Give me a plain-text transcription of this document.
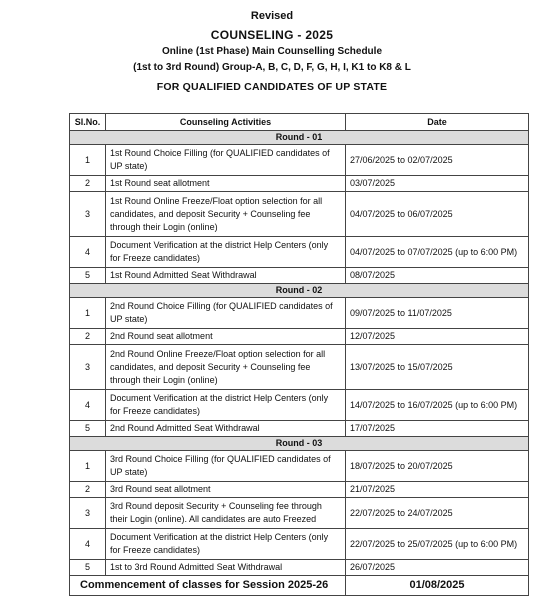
Revised
COUNSELING - 2025
Online (1st Phase) Main Counselling Schedule
(1st to 3rd Round) Group-A, B, C, D, F, G, H, I, K1 to K8 & L
FOR QUALIFIED CANDIDATES OF UP STATE
Sl.No.	Counseling Activities	Date
Round - 01		
1	1st Round Choice Filling (for QUALIFIED candidates of UP state)	27/06/2025 to 02/07/2025
2	1st Round seat allotment	03/07/2025
3	1st Round Online Freeze/Float option selection for all candidates, and deposit Security + Counseling fee through their Login (online)	04/07/2025 to 06/07/2025
4	Document Verification at the district Help Centers (only for Freeze candidates)	04/07/2025 to 07/07/2025 (up to 6:00 PM)
5	1st Round Admitted Seat Withdrawal	08/07/2025
Round - 02		
1	2nd Round Choice Filling (for QUALIFIED candidates of UP state)	09/07/2025 to 11/07/2025
2	2nd Round seat allotment	12/07/2025
3	2nd Round Online Freeze/Float option selection for all candidates, and deposit Security + Counseling fee through their Login (online)	13/07/2025 to 15/07/2025
4	Document Verification at the district Help Centers (only for Freeze candidates)	14/07/2025 to 16/07/2025 (up to 6:00 PM)
5	2nd Round Admitted Seat Withdrawal	17/07/2025
Round - 03		
1	3rd Round Choice Filling (for QUALIFIED candidates of UP state)	18/07/2025 to 20/07/2025
2	3rd Round seat allotment	21/07/2025
3	3rd Round deposit Security + Counseling fee through their Login (online). All candidates are auto Freezed	22/07/2025 to 24/07/2025
4	Document Verification at the district Help Centers (only for Freeze candidates)	22/07/2025 to 25/07/2025 (up to 6:00 PM)
5	1st to 3rd Round Admitted Seat Withdrawal	26/07/2025
Commencement of classes for Session 2025-26		01/08/2025
